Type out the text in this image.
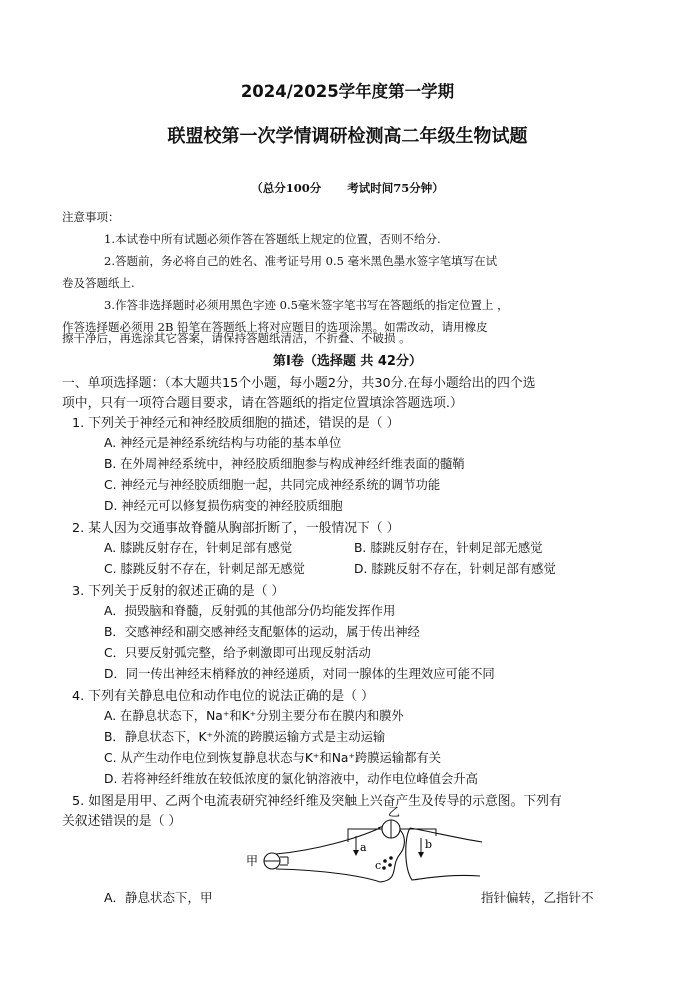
2024/2025学年度第一学期
联盟校第一次学情调研检测高二年级生物试题
（总分100分 考试时间75分钟）
注意事项：
1.本试卷中所有试题必须作答在答题纸上规定的位置，否则不给分.
2.答题前，务必将自己的姓名、准考证号用 0.5 毫米黑色墨水签字笔填写在试
卷及答题纸上.
3.作答非选择题时必须用黑色字迹 0.5毫米签字笔书写在答题纸的指定位置上 ，
作答选择题必须用 2B 铅笔在答题纸上将对应题目的选项涂黑。如需改动，请用橡皮
擦干净后，再选涂其它答案，请保持答题纸清洁，不折叠、不破损 。
第Ⅰ卷（选择题 共 42分）
一、单项选择题：（本大题共15个小题，每小题2分，共30分.在每小题给出的四个选
项中，只有一项符合题目要求，请在答题纸的指定位置填涂答题选项.）
1. 下列关于神经元和神经胶质细胞的描述，错误的是（ ）
A. 神经元是神经系统结构与功能的基本单位
B. 在外周神经系统中，神经胶质细胞参与构成神经纤维表面的髓鞘
C. 神经元与神经胶质细胞一起，共同完成神经系统的调节功能
D. 神经元可以修复损伤病变的神经胶质细胞
2. 某人因为交通事故脊髓从胸部折断了，一般情况下（ ）
A. 膝跳反射存在，针刺足部有感觉	B. 膝跳反射存在，针刺足部无感觉
C. 膝跳反射不存在，针刺足部无感觉	D. 膝跳反射不存在，针刺足部有感觉
3. 下列关于反射的叙述正确的是（ ）
A．损毁脑和脊髓，反射弧的其他部分仍均能发挥作用
B．交感神经和副交感神经支配躯体的运动，属于传出神经
C．只要反射弧完整，给予刺激即可出现反射活动
D．同一传出神经末梢释放的神经递质，对同一腺体的生理效应可能不同
4. 下列有关静息电位和动作电位的说法正确的是（ ）
A. 在静息状态下，Na⁺和K⁺分别主要分布在膜内和膜外
B．静息状态下，K⁺外流的跨膜运输方式是主动运输
C. 从产生动作电位到恢复静息状态与K⁺和Na⁺跨膜运输都有关
D. 若将神经纤维放在较低浓度的氯化钠溶液中，动作电位峰值会升高
5. 如图是用甲、乙两个电流表研究神经纤维及突触上兴奋产生及传导的示意图。下列有
关叙述错误的是（ ）
甲
乙
a	b
c
A．静息状态下，甲	指针偏转，乙指针不
